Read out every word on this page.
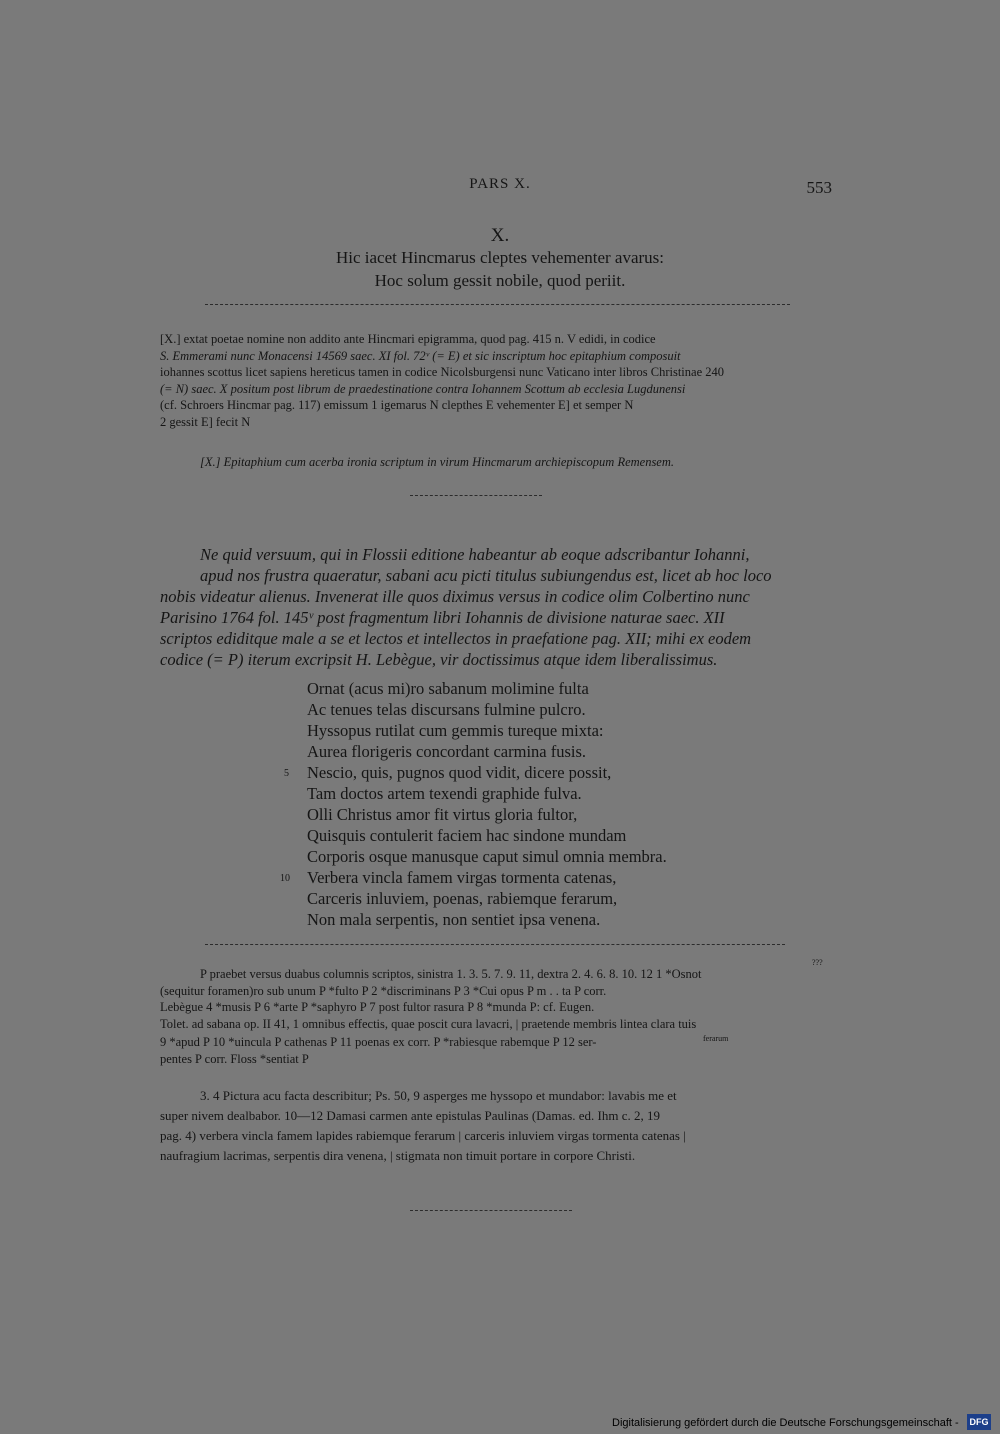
PARS X.	553
X.
Hic iacet Hincmarus cleptes vehementer avarus:
Hoc solum gessit nobile, quod periit.
[X.] extat poetae nomine non addito ante Hincmari epigramma, quod pag. 415 n. V edidi, in codice
S. Emmerami nunc Monacensi 14569 saec. XI fol. 72ᵛ (= E) et sic inscriptum hoc epitaphium composuit
iohannes scottus licet sapiens hereticus tamen in codice Nicolsburgensi nunc Vaticano inter libros Christinae 240
(= N) saec. X positum post librum de praedestinatione contra Iohannem Scottum ab ecclesia Lugdunensi
(cf. Schroers Hincmar pag. 117) emissum 1 igemarus N clepthes E vehementer E] et semper N
2 gessit E] fecit N
[X.] Epitaphium cum acerba ironia scriptum in virum Hincmarum archiepiscopum Remensem.
Ne quid versuum, qui in Flossii editione habeantur ab eoque adscribantur Iohanni,
apud nos frustra quaeratur, sabani acu picti titulus subiungendus est, licet ab hoc loco
nobis videatur alienus. Invenerat ille quos diximus versus in codice olim Colbertino nunc
Parisino 1764 fol. 145ᵛ post fragmentum libri Iohannis de divisione naturae saec. XII
scriptos ediditque male a se et lectos et intellectos in praefatione pag. XII; mihi ex eodem
codice (= P) iterum excripsit H. Lebègue, vir doctissimus atque idem liberalissimus.
Ornat (acus mi)ro sabanum molimine fulta
Ac tenues telas discursans fulmine pulcro.
Hyssopus rutilat cum gemmis tureque mixta:
Aurea florigeris concordant carmina fusis.
5 Nescio, quis, pugnos quod vidit, dicere possit,
Tam doctos artem texendi graphide fulva.
Olli Christus amor fit virtus gloria fultor,
Quisquis contulerit faciem hac sindone mundam
Corporis osque manusque caput simul omnia membra.
10 Verbera vincla famem virgas tormenta catenas,
Carceris inluviem, poenas, rabiemque ferarum,
Non mala serpentis, non sentiet ipsa venena.
???
P praebet versus duabus columnis scriptos, sinistra 1. 3. 5. 7. 9. 11, dextra 2. 4. 6. 8. 10. 12 1 *Osnot
(sequitur foramen)ro sub unum P *fulto P 2 *discriminans P 3 *Cui opus P m . . ta P corr.
Lebègue 4 *musis P 6 *arte P *saphyro P 7 post fultor rasura P 8 *munda P: cf. Eugen.
Tolet. ad sabana op. II 41, 1 omnibus effectis, quae poscit cura lavacri, | praetende membris lintea clara tuis
9 *apud P 10 *uincula P cathenas P 11 poenas ex corr. P *rabiesque rabemque P 12 ser-
pentes P corr. Floss *sentiat P
ferarum
3. 4 Pictura acu facta describitur; Ps. 50, 9 asperges me hyssopo et mundabor: lavabis me et
super nivem dealbabor. 10—12 Damasi carmen ante epistulas Paulinas (Damas. ed. Ihm c. 2, 19
pag. 4) verbera vincla famem lapides rabiemque ferarum | carceris inluviem virgas tormenta catenas |
naufragium lacrimas, serpentis dira venena, | stigmata non timuit portare in corpore Christi.
Digitalisierung gefördert durch die Deutsche Forschungsgemeinschaft - DFG
